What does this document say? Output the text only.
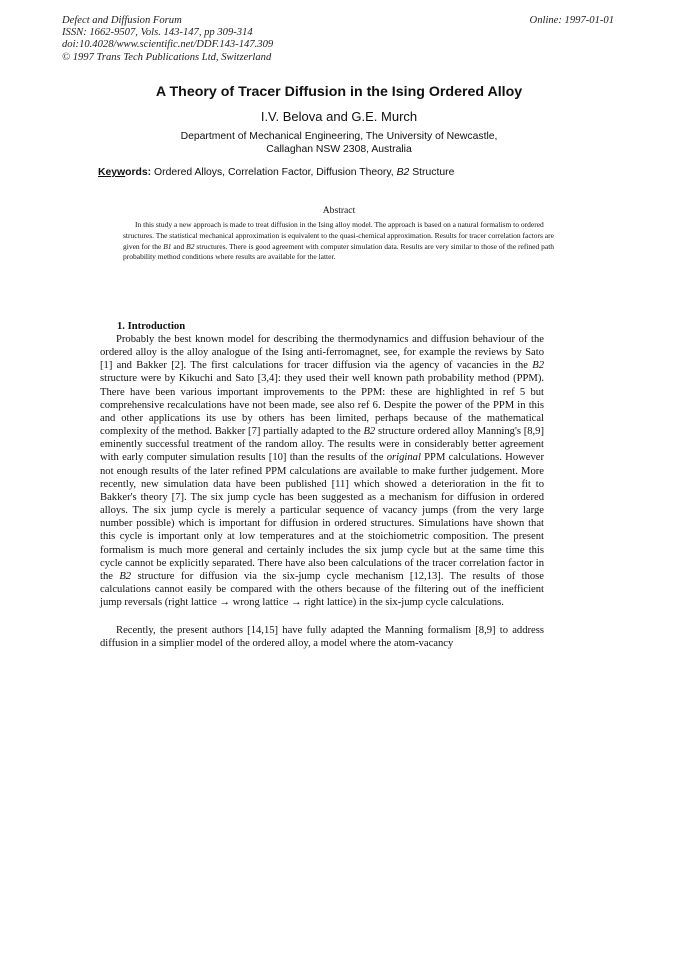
Defect and Diffusion Forum
ISSN: 1662-9507, Vols. 143-147, pp 309-314
doi:10.4028/www.scientific.net/DDF.143-147.309
© 1997 Trans Tech Publications Ltd, Switzerland
Online: 1997-01-01
A Theory of Tracer Diffusion in the Ising Ordered Alloy
I.V. Belova and G.E. Murch
Department of Mechanical Engineering, The University of Newcastle,
Callaghan NSW 2308, Australia
Keywords: Ordered Alloys, Correlation Factor, Diffusion Theory, B2 Structure
Abstract
In this study a new approach is made to treat diffusion in the Ising alloy model. The approach is based on a natural formalism to ordered structures. The statistical mechanical approximation is equivalent to the quasi-chemical approximation. Results for tracer correlation factors are given for the B1 and B2 structures. There is good agreement with computer simulation data. Results are very similar to those of the refined path probability method conditions where results are available for the latter.
1. Introduction
Probably the best known model for describing the thermodynamics and diffusion behaviour of the ordered alloy is the alloy analogue of the Ising anti-ferromagnet, see, for example the reviews by Sato [1] and Bakker [2]. The first calculations for tracer diffusion via the agency of vacancies in the B2 structure were by Kikuchi and Sato [3,4]: they used their well known path probability method (PPM). There have been various important improvements to the PPM: these are highlighted in ref 5 but comprehensive recalculations have not been made, see also ref 6. Despite the power of the PPM in this and other applications its use by others has been limited, perhaps because of the mathematical complexity of the method. Bakker [7] partially adapted to the B2 structure ordered alloy Manning's [8,9] eminently successful treatment of the random alloy. The results were in considerably better agreement with early computer simulation results [10] than the results of the original PPM calculations. However not enough results of the later refined PPM calculations are available to make further judgement. More recently, new simulation data have been published [11] which showed a deterioration in the fit to Bakker's theory [7]. The six jump cycle has been suggested as a mechanism for diffusion in ordered alloys. The six jump cycle is merely a particular sequence of vacancy jumps (from the very large number possible) which is important for diffusion in ordered structures. Simulations have shown that this cycle is important only at low temperatures and at the stoichiometric composition. The present formalism is much more general and certainly includes the six jump cycle but at the same time this cycle cannot be explicitly separated. There have also been calculations of the tracer correlation factor in the B2 structure for diffusion via the six-jump cycle mechanism [12,13]. The results of those calculations cannot easily be compared with the others because of the filtering out of the inefficient jump reversals (right lattice → wrong lattice → right lattice) in the six-jump cycle calculations.
Recently, the present authors [14,15] have fully adapted the Manning formalism [8,9] to address diffusion in a simplier model of the ordered alloy, a model where the atom-vacancy
